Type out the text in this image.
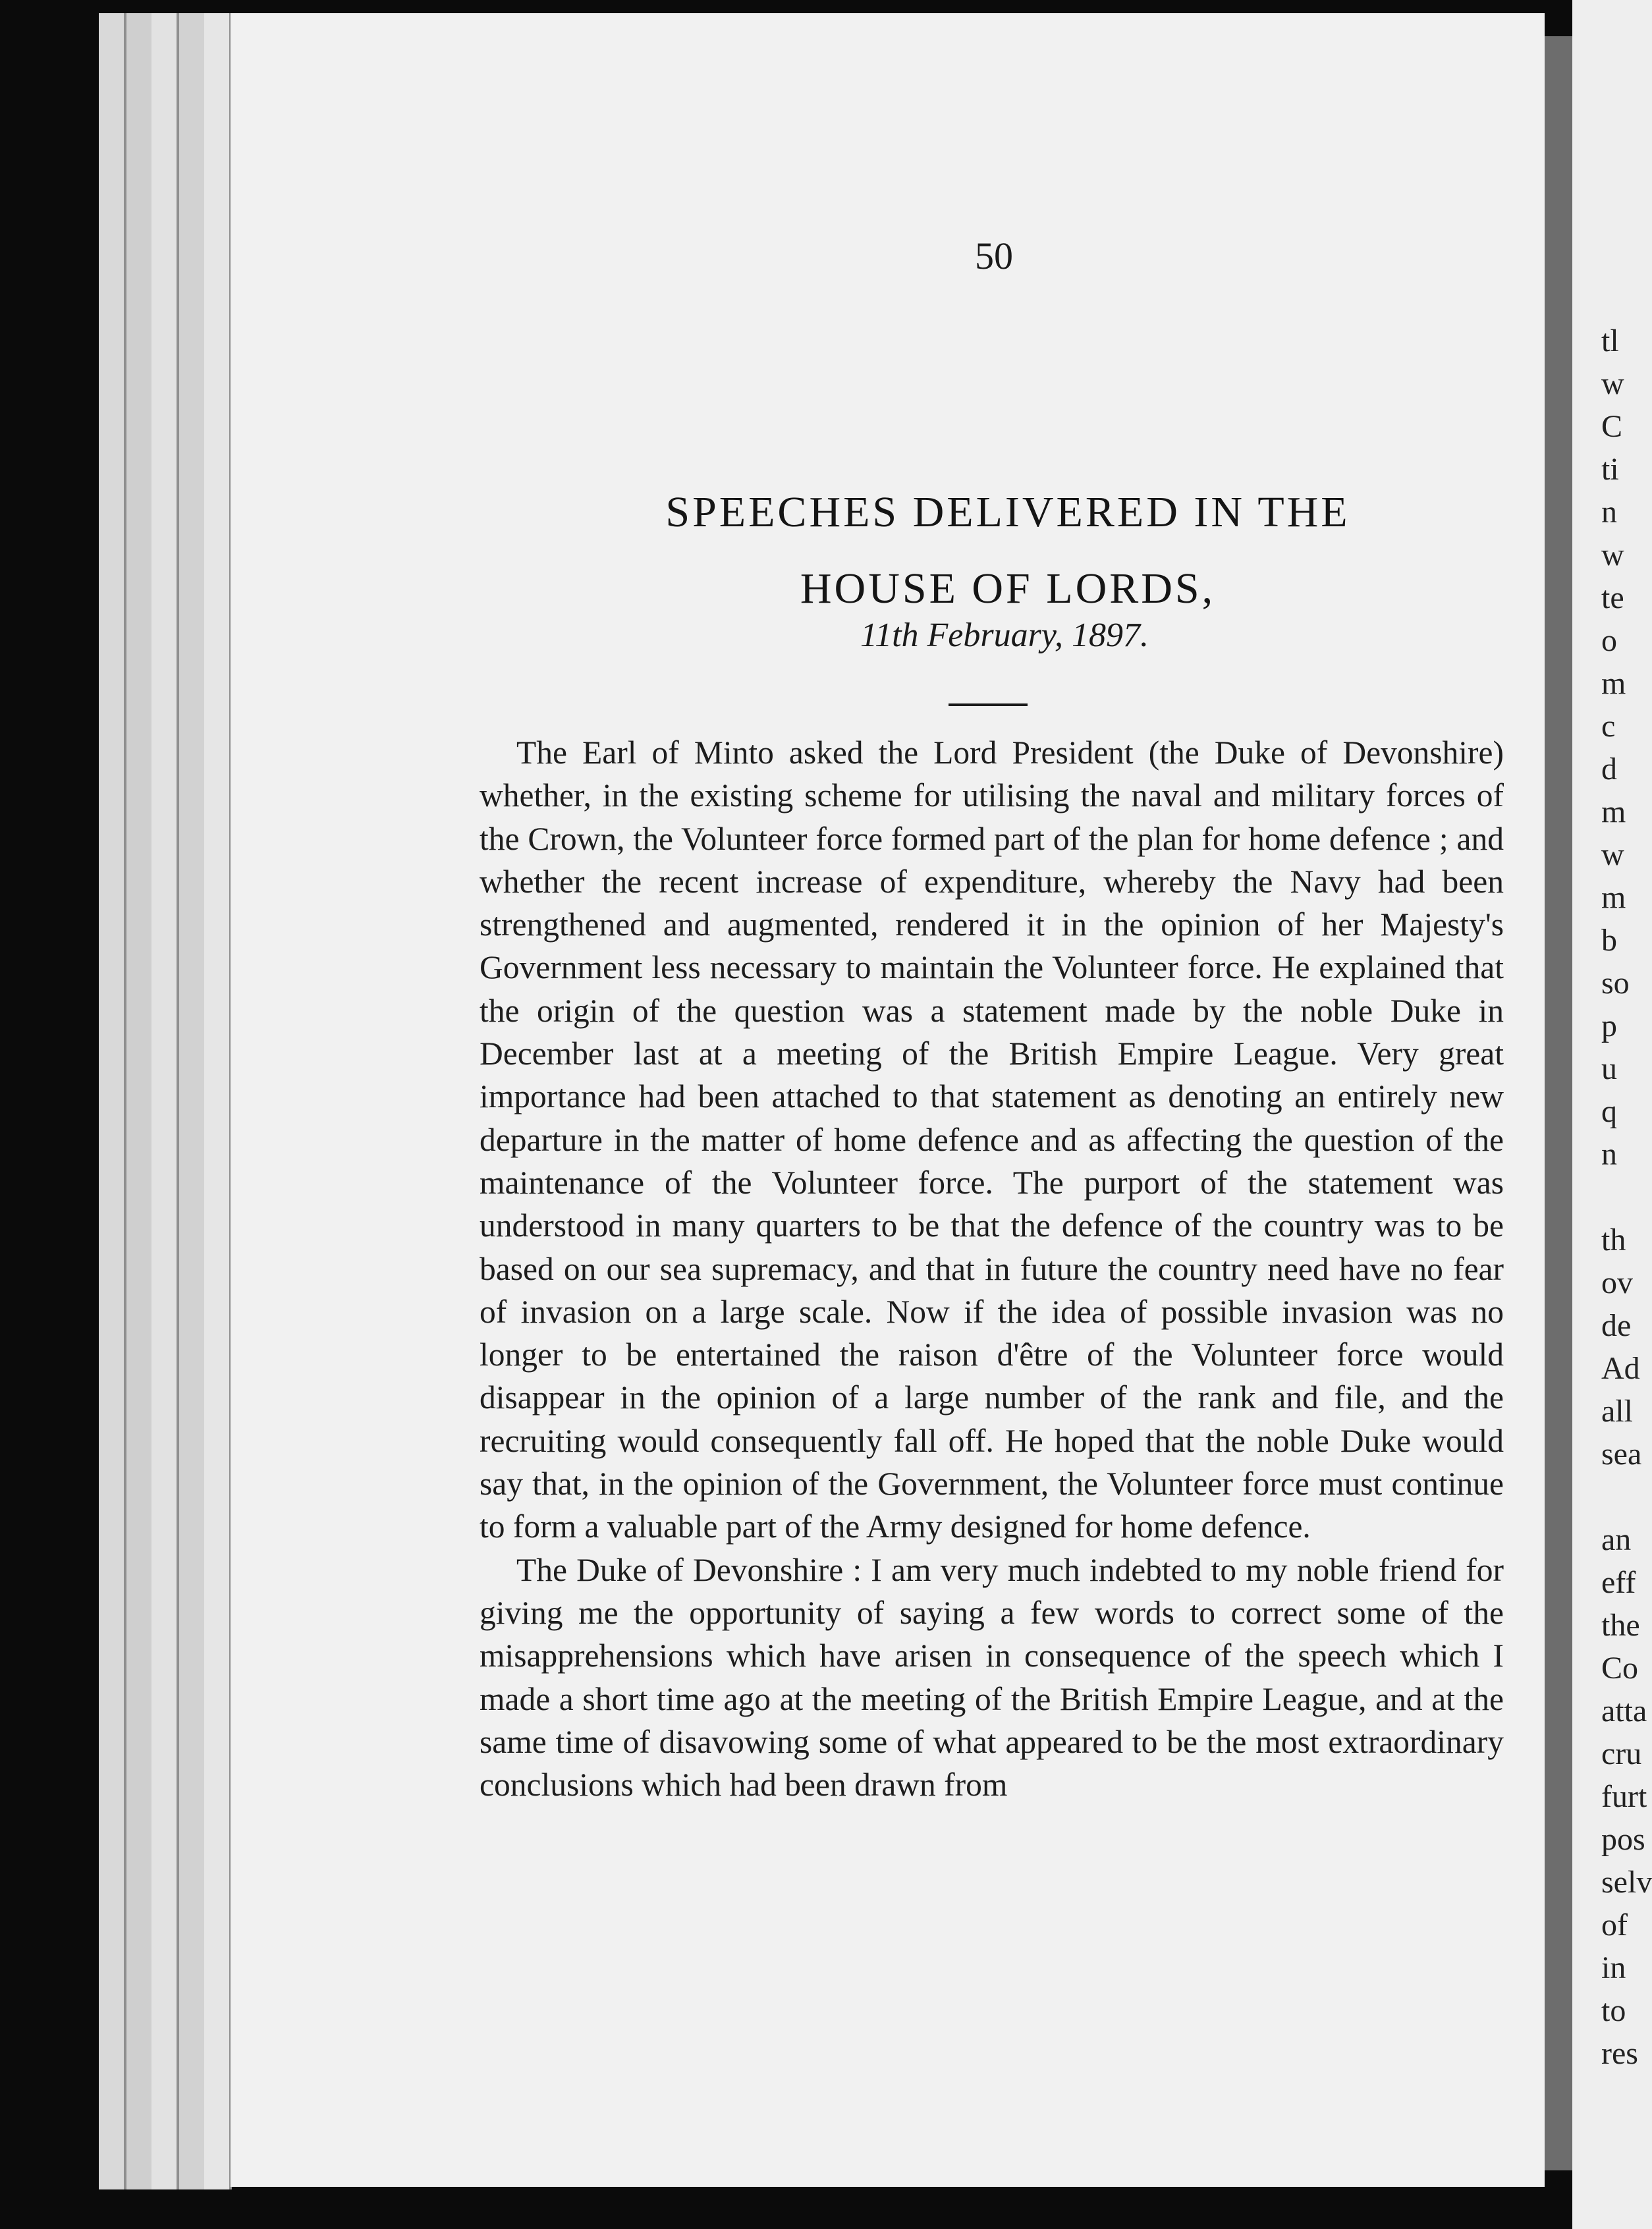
50
SPEECHES DELIVERED IN THE
HOUSE OF LORDS,
11th February, 1897.

The Earl of Minto asked the Lord President (the Duke of Devonshire) whether, in the existing scheme for utilising the naval and military forces of the Crown, the Volunteer force formed part of the plan for home defence ; and whether the recent increase of expenditure, whereby the Navy had been strengthened and augmented, rendered it in the opinion of her Majesty's Government less necessary to maintain the Volunteer force. He explained that the origin of the question was a statement made by the noble Duke in December last at a meeting of the British Empire League. Very great importance had been attached to that statement as denoting an entirely new departure in the matter of home defence and as affecting the question of the maintenance of the Volunteer force. The purport of the statement was understood in many quarters to be that the defence of the country was to be based on our sea supremacy, and that in future the country need have no fear of invasion on a large scale. Now if the idea of possible invasion was no longer to be entertained the raison d'être of the Volunteer force would disappear in the opinion of a large number of the rank and file, and the recruiting would consequently fall off. He hoped that the noble Duke would say that, in the opinion of the Government, the Volunteer force must continue to form a valuable part of the Army designed for home defence.

The Duke of Devonshire : I am very much indebted to my noble friend for giving me the opportunity of saying a few words to correct some of the misapprehensions which have arisen in consequence of the speech which I made a short time ago at the meeting of the British Empire League, and at the same time of disavowing some of what appeared to be the most extraordinary conclusions which had been drawn from

tl
w
C
ti
n
w
te
o
m
c
d
m
w
m
b
so
p
u
q
n
th
ov
de
Ad
all
sea
an
eff
the
Co
atta
cru
furt
pos
selv
of
in
to
res
